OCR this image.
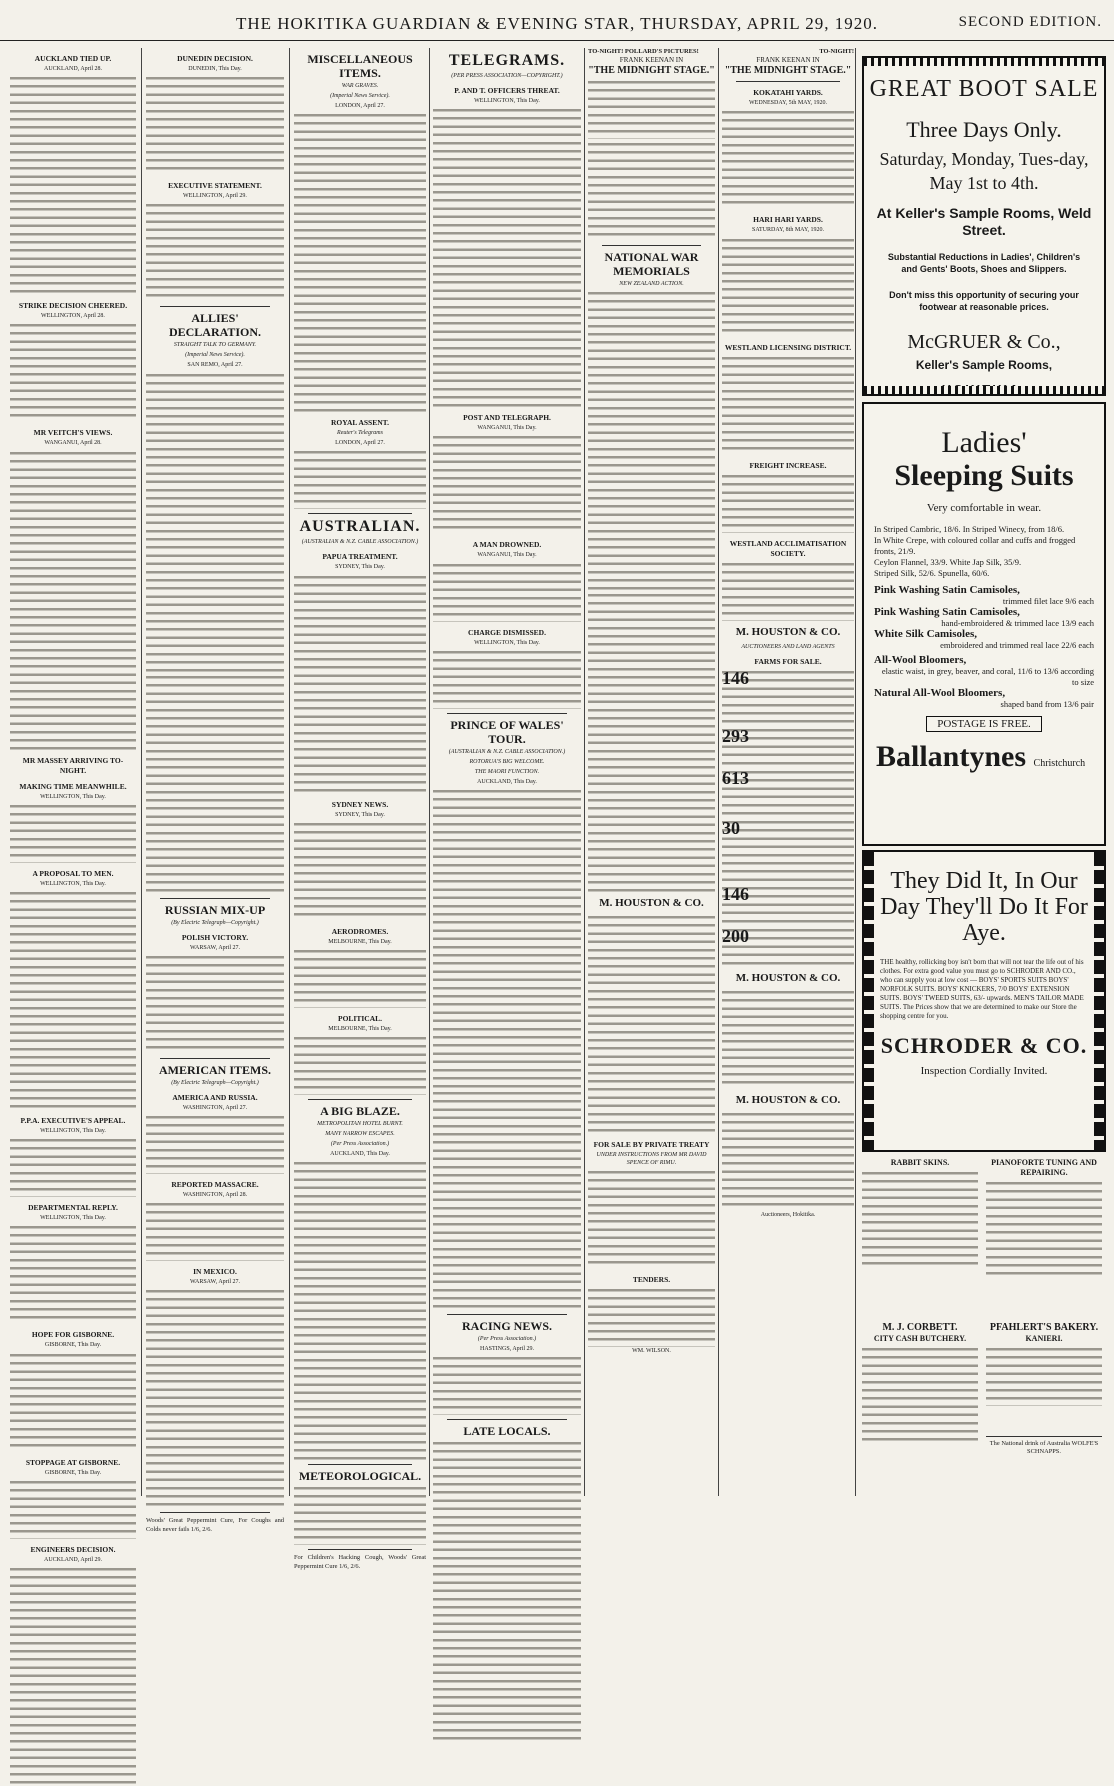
THE HOKITIKA GUARDIAN & EVENING STAR, THURSDAY, APRIL 29, 1920.	SECOND EDITION.
AUCKLAND TIED UP.
AUCKLAND, April 28.
STRIKE DECISION CHEERED.
WELLINGTON, April 28.
MR VEITCH'S VIEWS.
WANGANUI, April 28.
MR MASSEY ARRIVING TO-NIGHT.
MAKING TIME MEANWHILE.
WELLINGTON, This Day.
A PROPOSAL TO MEN.
WELLINGTON, This Day.
P.P.A. EXECUTIVE'S APPEAL.
WELLINGTON, This Day.
DEPARTMENTAL REPLY.
WELLINGTON, This Day.
HOPE FOR GISBORNE.
GISBORNE, This Day.
STOPPAGE AT GISBORNE.
GISBORNE, This Day.
ENGINEERS DECISION.
AUCKLAND, April 29.
DUNEDIN DECISION.
DUNEDIN, This Day.
EXECUTIVE STATEMENT.
WELLINGTON, April 29.
ALLIES' DECLARATION.
STRAIGHT TALK TO GERMANY.
(Imperial News Service).
SAN REMO, April 27.
RUSSIAN MIX-UP
(By Electric Telegraph—Copyright.)
POLISH VICTORY.
WARSAW, April 27.
AMERICAN ITEMS.
(By Electric Telegraph—Copyright.)
AMERICA AND RUSSIA.
WASHINGTON, April 27.
REPORTED MASSACRE.
WASHINGTON, April 28.
IN MEXICO.
WARSAW, April 27.
Woods' Great Peppermint Cure, For Coughs and Colds never fails 1/6, 2/6.
MISCELLANEOUS ITEMS.
WAR GRAVES.
(Imperial News Service).
LONDON, April 27.
ROYAL ASSENT.
Reuter's Telegrams
LONDON, April 27.
AUSTRALIAN.
(AUSTRALIAN & N.Z. CABLE ASSOCIATION.)
PAPUA TREATMENT.
SYDNEY, This Day.
SYDNEY NEWS.
SYDNEY, This Day.
AERODROMES.
MELBOURNE, This Day.
POLITICAL.
MELBOURNE, This Day.
A BIG BLAZE.
METROPOLITAN HOTEL BURNT.
MANY NARROW ESCAPES.
(Per Press Association.)
AUCKLAND, This Day.
METEOROLOGICAL.
For Children's Hacking Cough, Woods' Great Peppermint Cure 1/6, 2/6.
TELEGRAMS.
(PER PRESS ASSOCIATION—COPYRIGHT.)
P. AND T. OFFICERS THREAT.
WELLINGTON, This Day.
POST AND TELEGRAPH.
WANGANUI, This Day.
A MAN DROWNED.
WANGANUI, This Day.
CHARGE DISMISSED.
WELLINGTON, This Day.
PRINCE OF WALES' TOUR.
(AUSTRALIAN & N.Z. CABLE ASSOCIATION.)
ROTORUA'S BIG WELCOME.
THE MAORI FUNCTION.
AUCKLAND, This Day.
RACING NEWS.
(Per Press Association.)
HASTINGS, April 29.
LATE LOCALS.
TO-NIGHT! POLLARD'S PICTURES!
FRANK KEENAN IN
"THE MIDNIGHT STAGE."
NATIONAL WAR MEMORIALS
NEW ZEALAND ACTION.
M. HOUSTON & CO.
FOR SALE BY PRIVATE TREATY
UNDER INSTRUCTIONS FROM MR DAVID SPENCE OF RIMU.
TENDERS.
WM. WILSON.
TO-NIGHT!
FRANK KEENAN IN
"THE MIDNIGHT STAGE."
KOKATAHI YARDS.
WEDNESDAY, 5th MAY, 1920.
HARI HARI YARDS.
SATURDAY, 8th MAY, 1920.
WESTLAND LICENSING DISTRICT.
FREIGHT INCREASE.
WESTLAND ACCLIMATISATION SOCIETY.
M. HOUSTON & CO.
AUCTIONEERS AND LAND AGENTS
FARMS FOR SALE.
146
293
613
30
146
200
M. HOUSTON & CO.
M. HOUSTON & CO.
Auctioneers, Hokitika.
GREAT BOOT SALE
Three Days Only.
Saturday, Monday, Tues-day, May 1st to 4th.
At Keller's Sample Rooms, Weld Street.
Substantial Reductions in Ladies', Children's and Gents' Boots, Shoes and Slippers.
Don't miss this opportunity of securing your footwear at reasonable prices.
McGRUER & Co.,
Keller's Sample Rooms,
Ladies'
Sleeping Suits
Very comfortable in wear.
In Striped Cambric, 18/6. In Striped Winecy, from 18/6.
In White Crepe, with coloured collar and cuffs and frogged fronts, 21/9.
Ceylon Flannel, 33/9. White Jap Silk, 35/9.
Striped Silk, 52/6. Spunella, 60/6.
Pink Washing Satin Camisoles,
trimmed filet lace 9/6 each
Pink Washing Satin Camisoles,
hand-embroidered & trimmed lace 13/9 each
White Silk Camisoles,
embroidered and trimmed real lace 22/6 each
All-Wool Bloomers,
elastic waist, in grey, beaver, and coral, 11/6 to 13/6 according to size
Natural All-Wool Bloomers,
shaped band from 13/6 pair
POSTAGE IS FREE.
Ballantynes Christchurch
They Did It, In Our Day They'll Do It For Aye.
THE healthy, rollicking boy isn't born that will not tear the life out of his clothes. For extra good value you must go to SCHRODER AND CO., who can supply you at low cost — BOYS' SPORTS SUITS BOYS' NORFOLK SUITS. BOYS' KNICKERS, 7/0 BOYS' EXTENSION SUITS. BOYS' TWEED SUITS, 63/- upwards. MEN'S TAILOR MADE SUITS. The Prices show that we are determined to make our Store the shopping centre for you.
SCHRODER & CO.
Inspection Cordially Invited.
RABBIT SKINS.	PIANOFORTE TUNING AND REPAIRING.
M. J. CORBETT.
CITY CASH BUTCHERY.
PFAHLERT'S BAKERY.
KANIERI.
The National drink of Australia WOLFE'S SCHNAPPS.
